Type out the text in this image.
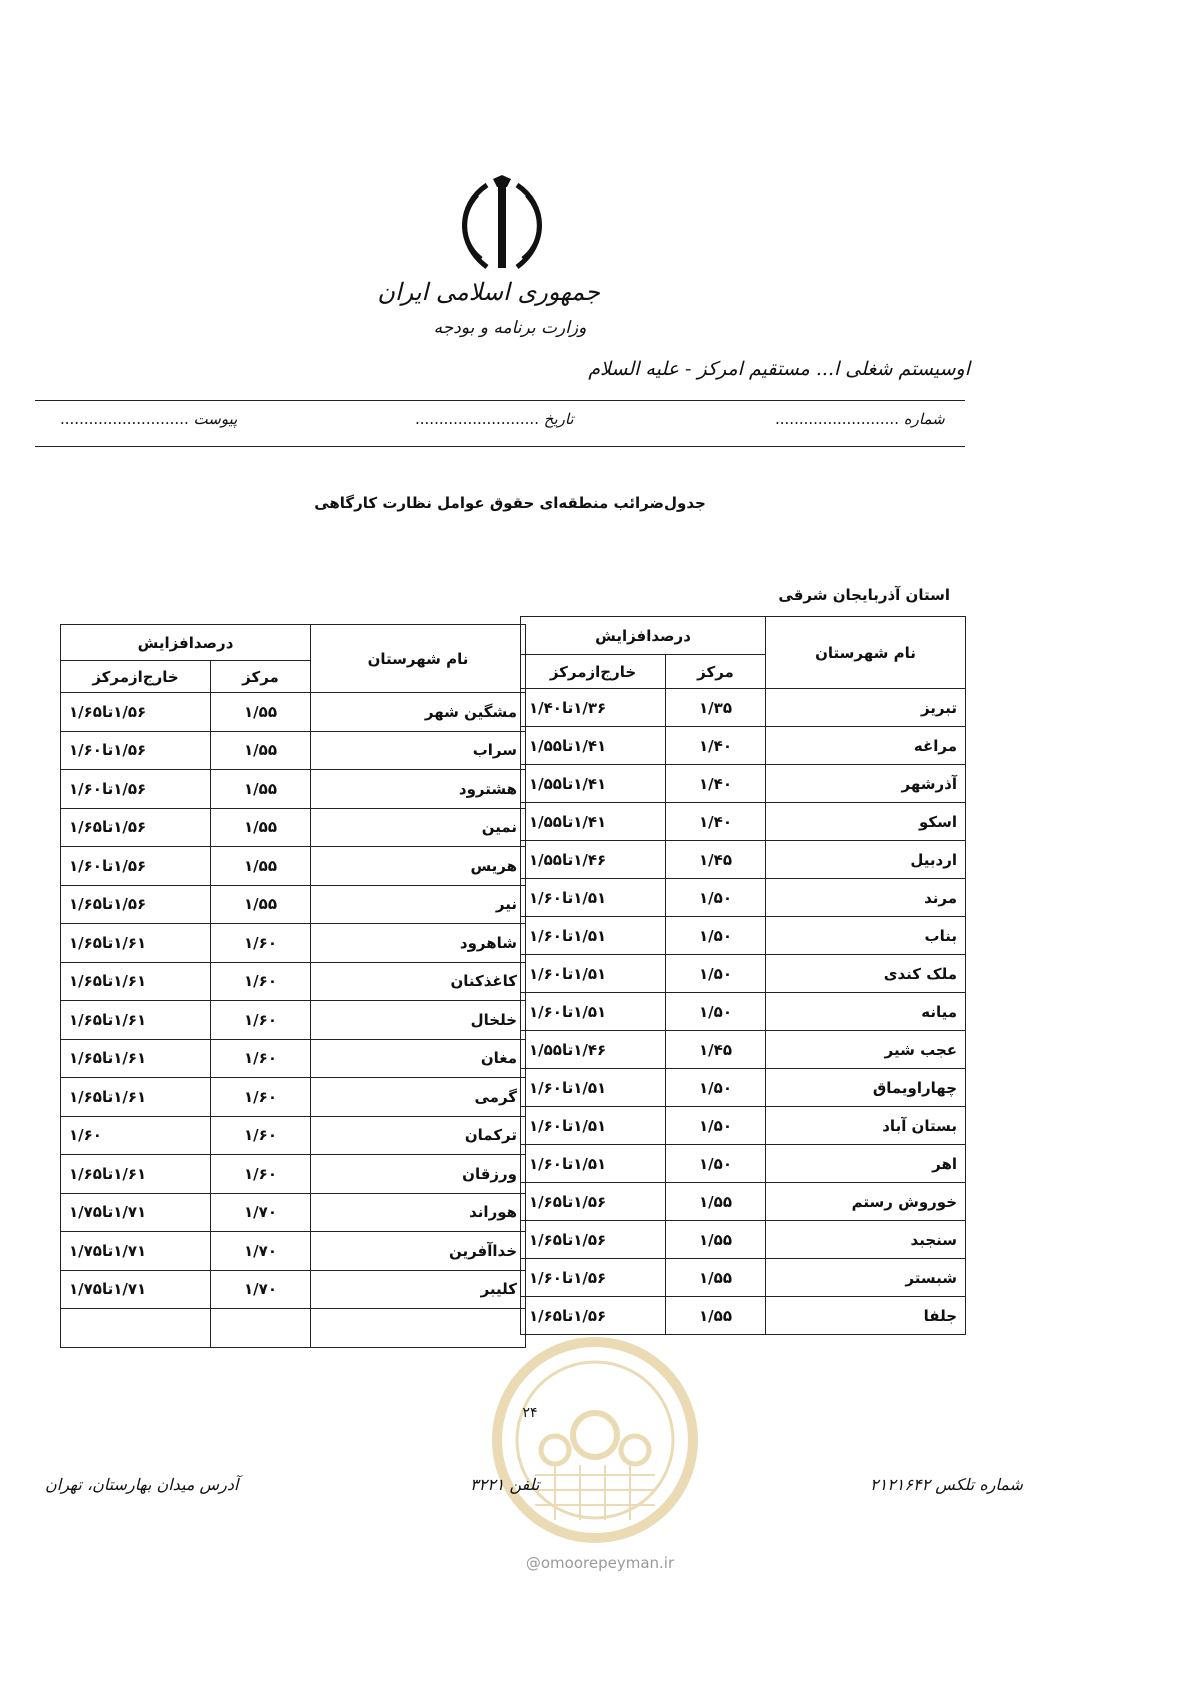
جمهوری اسلامی ایران
وزارت برنامه و بودجه
اوسیستم شغلی ا... مستقیم امرکز - علیه السلام
شماره ..........................
تاریخ ..........................
پیوست ...........................
جدول‌ضرائب منطقه‌ای حقوق عوامل نظارت کارگاهی
استان آذربایجان شرقی
نام شهرستان	درصدافزایش	
	مرکز	خارج‌ازمرکز
تبریز	۱/۳۵	۱/۳۶تا۱/۴۰
مراغه	۱/۴۰	۱/۴۱تا۱/۵۵
آذرشهر	۱/۴۰	۱/۴۱تا۱/۵۵
اسکو	۱/۴۰	۱/۴۱تا۱/۵۵
اردبیل	۱/۴۵	۱/۴۶تا۱/۵۵
مرند	۱/۵۰	۱/۵۱تا۱/۶۰
بناب	۱/۵۰	۱/۵۱تا۱/۶۰
ملک کندی	۱/۵۰	۱/۵۱تا۱/۶۰
میانه	۱/۵۰	۱/۵۱تا۱/۶۰
عجب شیر	۱/۴۵	۱/۴۶تا۱/۵۵
چهاراویماق	۱/۵۰	۱/۵۱تا۱/۶۰
بستان آباد	۱/۵۰	۱/۵۱تا۱/۶۰
اهر	۱/۵۰	۱/۵۱تا۱/۶۰
خوروش رستم	۱/۵۵	۱/۵۶تا۱/۶۵
سنجبد	۱/۵۵	۱/۵۶تا۱/۶۵
شبستر	۱/۵۵	۱/۵۶تا۱/۶۰
جلفا	۱/۵۵	۱/۵۶تا۱/۶۵
نام شهرستان	درصدافزایش	
	مرکز	خارج‌ازمرکز
مشگین شهر	۱/۵۵	۱/۵۶تا۱/۶۵
سراب	۱/۵۵	۱/۵۶تا۱/۶۰
هشترود	۱/۵۵	۱/۵۶تا۱/۶۰
نمین	۱/۵۵	۱/۵۶تا۱/۶۵
هریس	۱/۵۵	۱/۵۶تا۱/۶۰
نیر	۱/۵۵	۱/۵۶تا۱/۶۵
شاهرود	۱/۶۰	۱/۶۱تا۱/۶۵
کاغذکنان	۱/۶۰	۱/۶۱تا۱/۶۵
خلخال	۱/۶۰	۱/۶۱تا۱/۶۵
مغان	۱/۶۰	۱/۶۱تا۱/۶۵
گرمی	۱/۶۰	۱/۶۱تا۱/۶۵
ترکمان	۱/۶۰	۱/۶۰
ورزقان	۱/۶۰	۱/۶۱تا۱/۶۵
هوراند	۱/۷۰	۱/۷۱تا۱/۷۵
خداآفرین	۱/۷۰	۱/۷۱تا۱/۷۵
کلیبر	۱/۷۰	۱/۷۱تا۱/۷۵

۲۴
@omoorepeyman.ir
شماره تلکس ۲۱۲۱۶۴۲
تلفن ۳۲۲۱
آدرس میدان بهارستان، تهران
